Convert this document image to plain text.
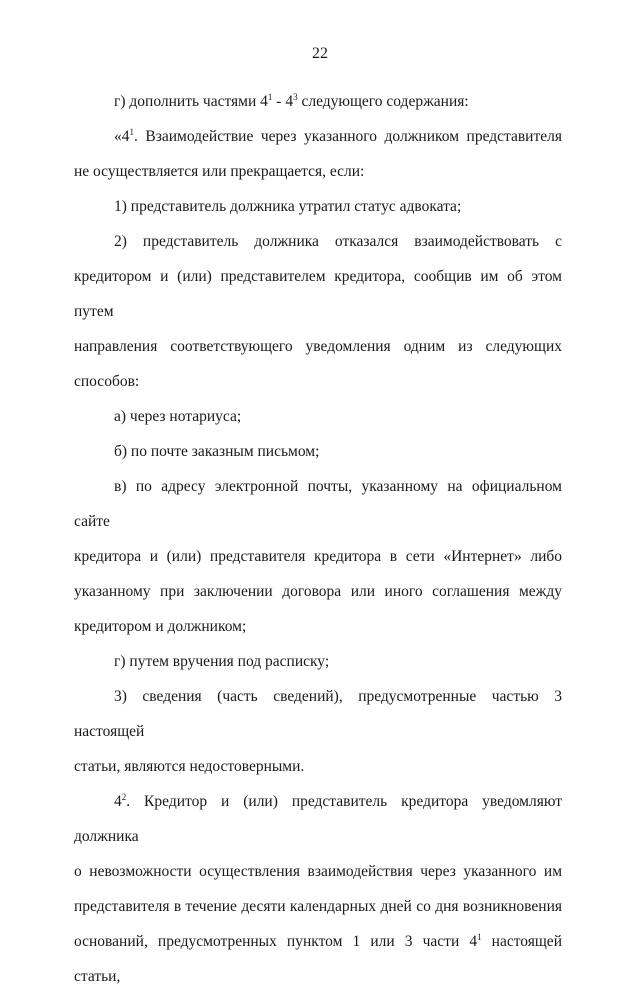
22

г) дополнить частями $4^1 - 4^3$ следующего содержания:

«$4^1$. Взаимодействие через указанного должником представителя
не осуществляется или прекращается, если:

1) представитель должника утратил статус адвоката;

2) представитель должника отказался взаимодействовать с
кредитором и (или) представителем кредитора, сообщив им об этом путем
направления соответствующего уведомления одним из следующих
способов:

а) через нотариуса;

б) по почте заказным письмом;

в) по адресу электронной почты, указанному на официальном сайте
кредитора и (или) представителя кредитора в сети «Интернет» либо
указанному при заключении договора или иного соглашения между
кредитором и должником;

г) путем вручения под расписку;

3) сведения (часть сведений), предусмотренные частью 3 настоящей
статьи, являются недостоверными.
$4^2$. Кредитор и (или) представитель кредитора уведомляют должника
о невозможности осуществления взаимодействия через указанного им
представителя в течение десяти календарных дней со дня возникновения
оснований, предусмотренных пунктом 1 или 3 части $4^1$ настоящей статьи,
